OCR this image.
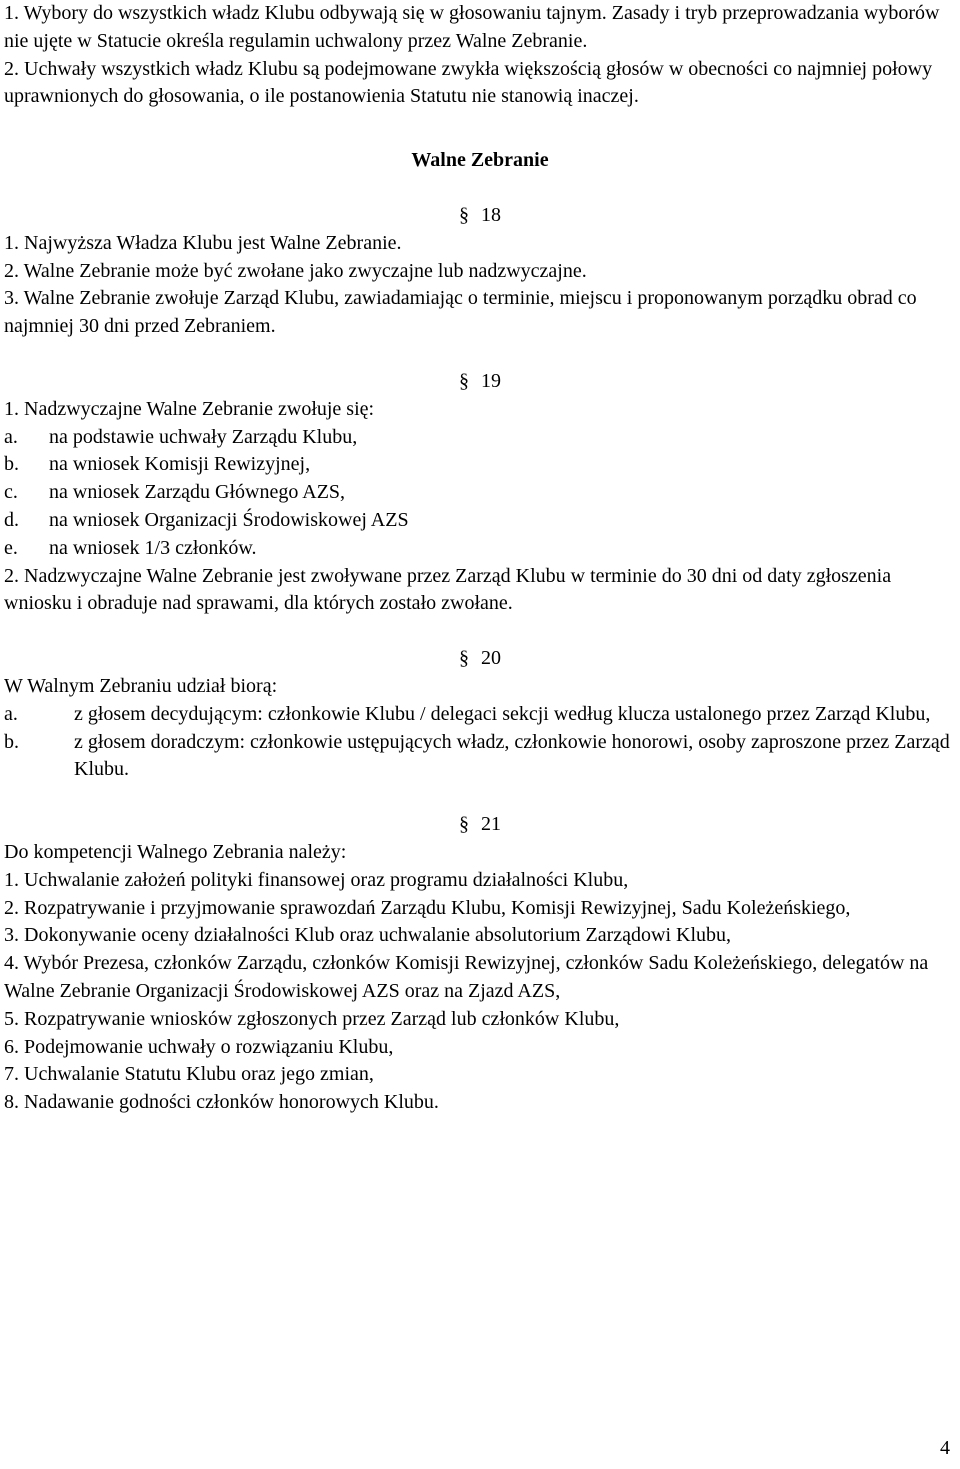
1. Wybory do wszystkich władz Klubu odbywają się w głosowaniu tajnym. Zasady i tryb przeprowadzania wyborów nie ujęte w Statucie określa regulamin uchwalony przez Walne Zebranie.

2. Uchwały wszystkich władz Klubu są podejmowane zwykła większością głosów w obecności co najmniej połowy uprawnionych do głosowania, o ile postanowienia Statutu nie stanowią inaczej.

Walne Zebranie

§ 18

1. Najwyższa Władza Klubu jest Walne Zebranie.

2. Walne Zebranie może być zwołane jako zwyczajne lub nadzwyczajne.

3. Walne Zebranie zwołuje Zarząd Klubu, zawiadamiając o terminie, miejscu i proponowanym porządku obrad co najmniej 30 dni przed Zebraniem.

§ 19

1. Nadzwyczajne Walne Zebranie zwołuje się:

a. na podstawie uchwały Zarządu Klubu,

b. na wniosek Komisji Rewizyjnej,

c. na wniosek Zarządu Głównego AZS,

d. na wniosek Organizacji Środowiskowej AZS

e. na wniosek 1/3 członków.

2. Nadzwyczajne Walne Zebranie jest zwoływane przez Zarząd Klubu w terminie do 30 dni od daty zgłoszenia wniosku i obraduje nad sprawami, dla których zostało zwołane.

§ 20

W Walnym Zebraniu udział biorą:

a.	z głosem decydującym: członkowie Klubu / delegaci sekcji według klucza ustalonego przez Zarząd Klubu,

b.	z głosem doradczym: członkowie ustępujących władz, członkowie honorowi, osoby zaproszone przez Zarząd Klubu.

§ 21

Do kompetencji Walnego Zebrania należy:

1. Uchwalanie założeń polityki finansowej oraz programu działalności Klubu,

2. Rozpatrywanie i przyjmowanie sprawozdań Zarządu Klubu, Komisji Rewizyjnej, Sadu Koleżeńskiego,

3. Dokonywanie oceny działalności Klub oraz uchwalanie absolutorium Zarządowi Klubu,

4. Wybór Prezesa, członków Zarządu, członków Komisji Rewizyjnej, członków Sadu Koleżeńskiego, delegatów na Walne Zebranie Organizacji Środowiskowej AZS oraz na Zjazd AZS,

5. Rozpatrywanie wniosków zgłoszonych przez Zarząd lub członków Klubu,

6. Podejmowanie uchwały o rozwiązaniu Klubu,

7. Uchwalanie Statutu Klubu oraz jego zmian,

8. Nadawanie godności członków honorowych Klubu.

4
